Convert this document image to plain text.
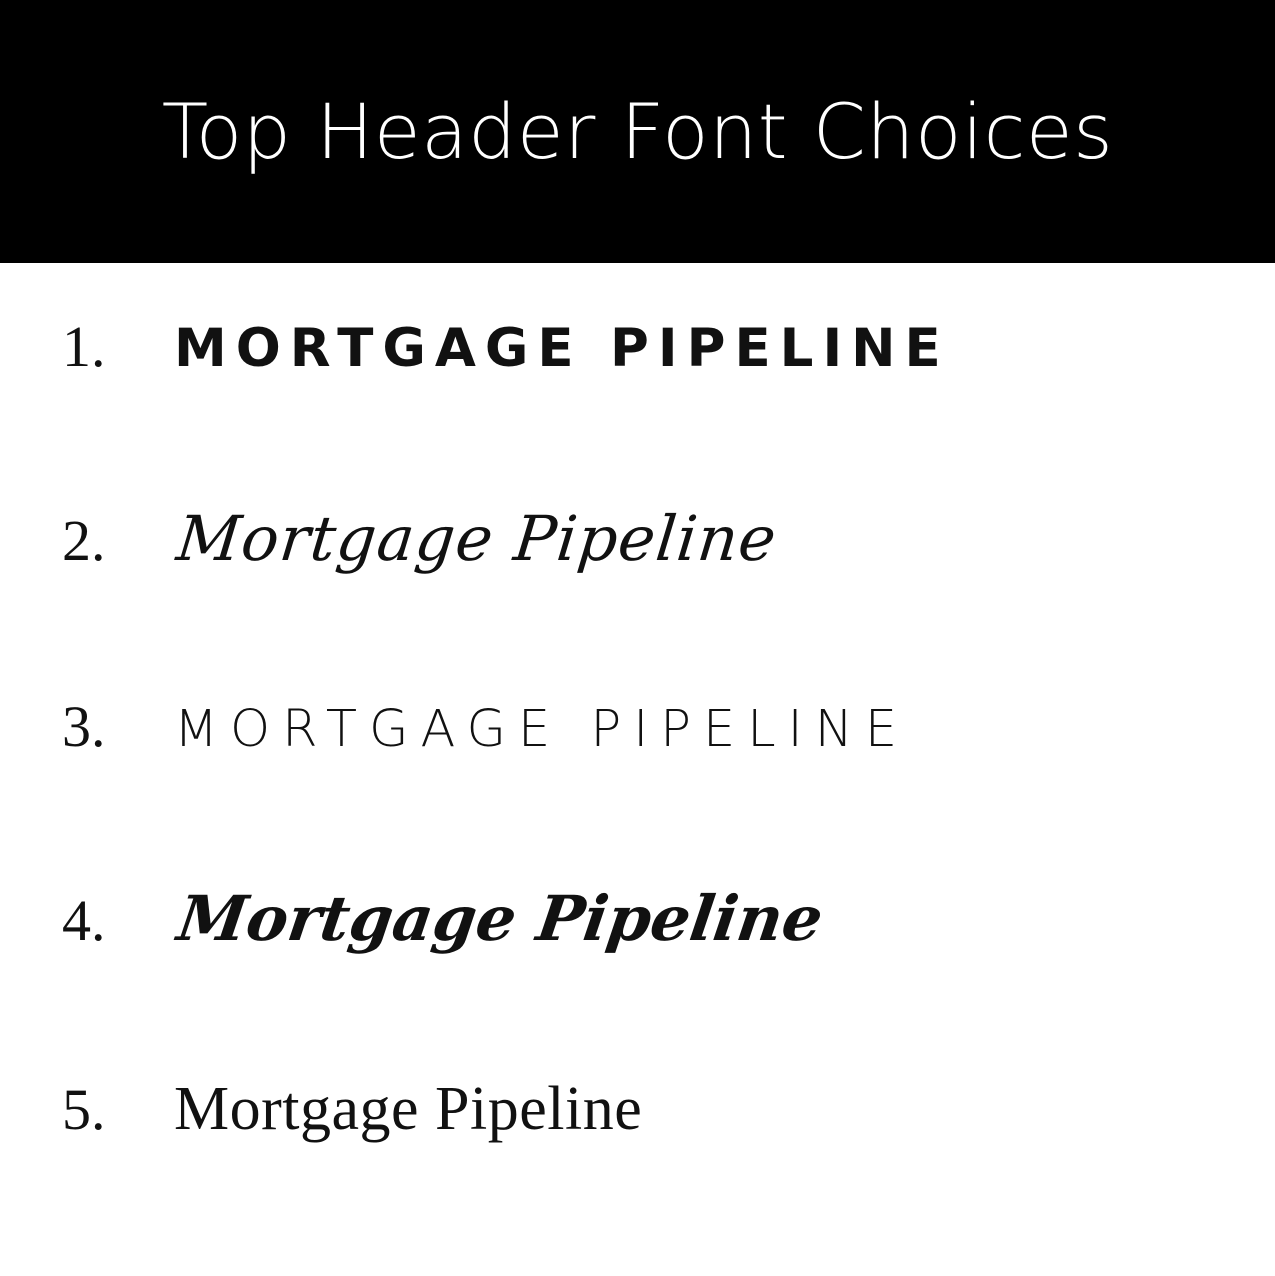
Top Header Font Choices
1.	MORTGAGE PIPELINE
2.	Mortgage Pipeline
3.	MORTGAGE PIPELINE
4.	Mortgage Pipeline
5.	Mortgage Pipeline
